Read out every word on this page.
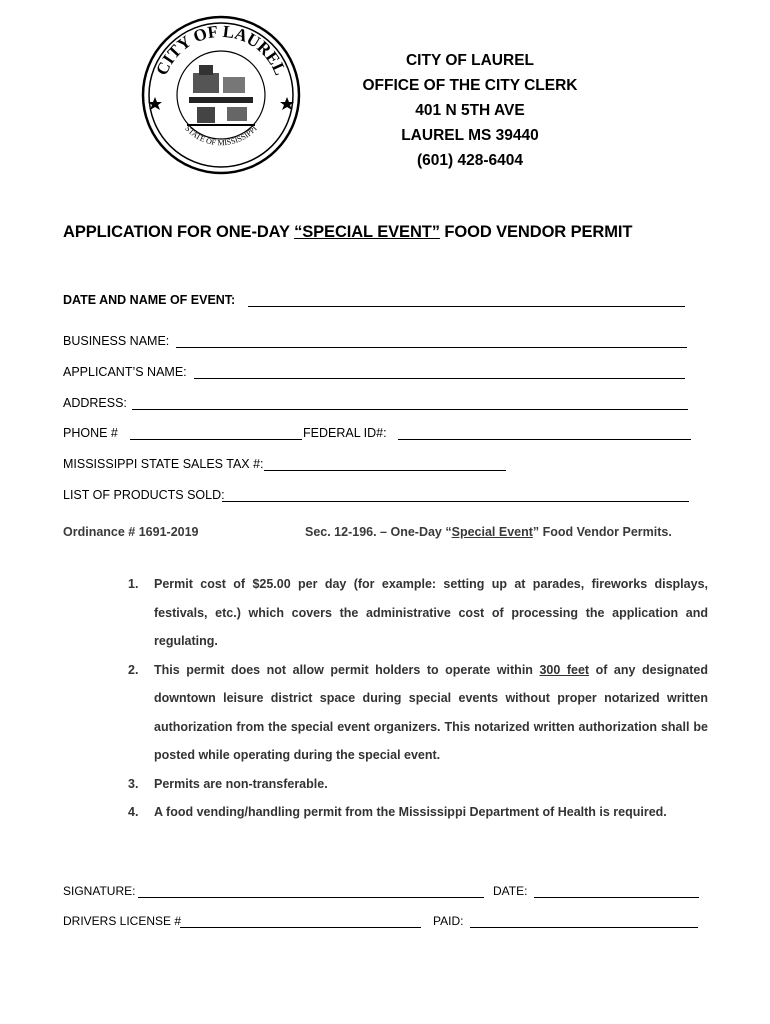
CITY OF LAUREL
STATE OF MISSISSIPPI
CITY OF LAUREL
OFFICE OF THE CITY CLERK
401 N 5TH AVE
LAUREL MS 39440
(601) 428-6404
APPLICATION FOR ONE-DAY “SPECIAL EVENT” FOOD VENDOR PERMIT
DATE AND NAME OF EVENT:
BUSINESS NAME:
APPLICANT’S NAME:
ADDRESS:
PHONE #	FEDERAL ID#:
MISSISSIPPI STATE SALES TAX #:
LIST OF PRODUCTS SOLD:
Ordinance # 1691-2019	Sec. 12-196. – One-Day “Special Event” Food Vendor Permits.

1. Permit cost of $25.00 per day (for example: setting up at parades, fireworks displays, festivals, etc.) which covers the administrative cost of processing the application and regulating.

2. This permit does not allow permit holders to operate within 300 feet of any designated downtown leisure district space during special events without proper notarized written authorization from the special event organizers. This notarized written authorization shall be posted while operating during the special event.

3. Permits are non-transferable.

4. A food vending/handling permit from the Mississippi Department of Health is required.

SIGNATURE:	DATE:
DRIVERS LICENSE #	PAID:
